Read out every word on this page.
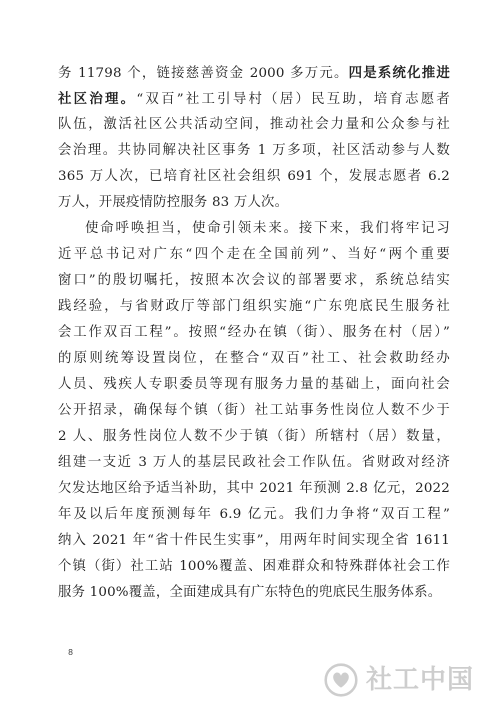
务 11798 个，链接慈善资金 2000 多万元。四是系统化推进
社区治理。“双百”社工引导村（居）民互助，培育志愿者
队伍，激活社区公共活动空间，推动社会力量和公众参与社
会治理。共协同解决社区事务 1 万多项，社区活动参与人数
365 万人次，已培育社区社会组织 691 个，发展志愿者 6.2
万人，开展疫情防控服务 83 万人次。
使命呼唤担当，使命引领未来。接下来，我们将牢记习
近平总书记对广东“四个走在全国前列”、当好“两个重要
窗口”的殷切嘱托，按照本次会议的部署要求，系统总结实
践经验，与省财政厅等部门组织实施“广东兜底民生服务社
会工作双百工程”。按照“经办在镇（街）、服务在村（居）”
的原则统筹设置岗位，在整合“双百”社工、社会救助经办
人员、残疾人专职委员等现有服务力量的基础上，面向社会
公开招录，确保每个镇（街）社工站事务性岗位人数不少于
2 人、服务性岗位人数不少于镇（街）所辖村（居）数量，
组建一支近 3 万人的基层民政社会工作队伍。省财政对经济
欠发达地区给予适当补助，其中 2021 年预测 2.8 亿元，2022
年及以后年度预测每年 6.9 亿元。我们力争将“双百工程”
纳入 2021 年“省十件民生实事”，用两年时间实现全省 1611
个镇（街）社工站 100%覆盖、困难群众和特殊群体社会工作
服务 100%覆盖，全面建成具有广东特色的兜底民生服务体系。
8
社工中国
